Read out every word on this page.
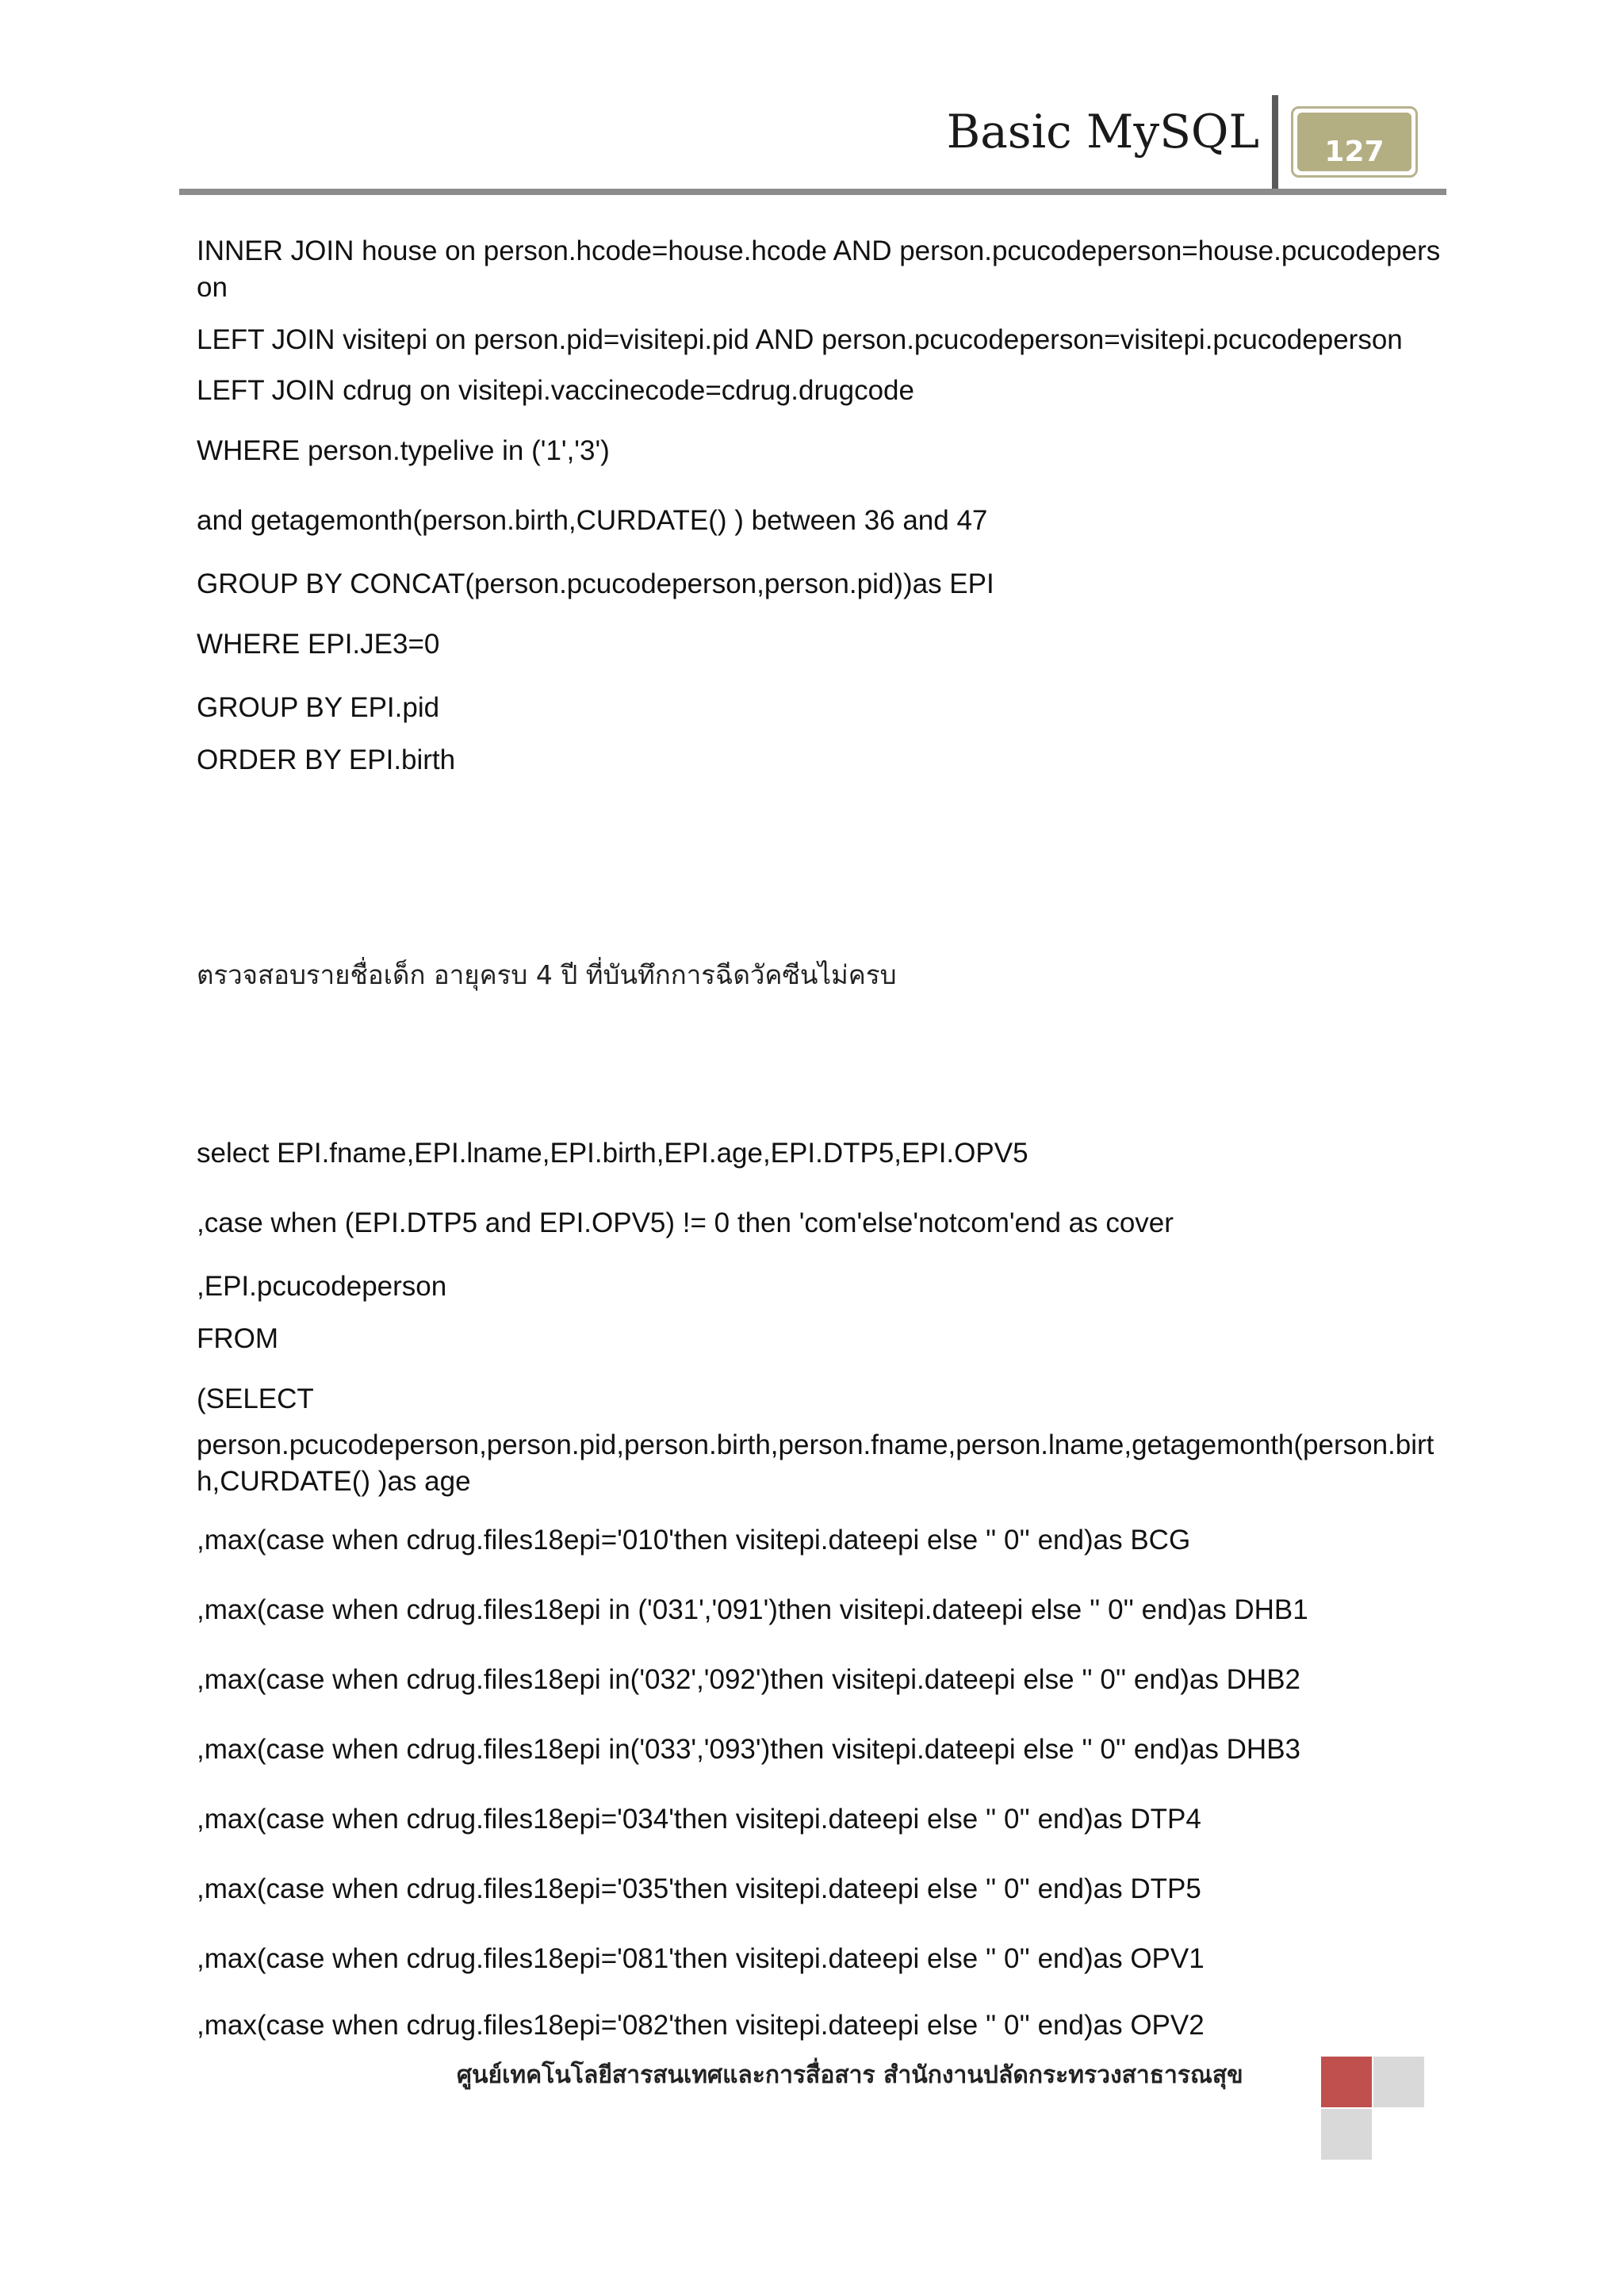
Basic MySQL	127
INNER JOIN house on person.hcode=house.hcode AND person.pcucodeperson=house.pcucodeperson
LEFT JOIN visitepi on person.pid=visitepi.pid AND person.pcucodeperson=visitepi.pcucodeperson
LEFT JOIN cdrug on visitepi.vaccinecode=cdrug.drugcode
WHERE person.typelive in ('1','3')
and getagemonth(person.birth,CURDATE() ) between 36 and 47
GROUP BY CONCAT(person.pcucodeperson,person.pid))as EPI
WHERE EPI.JE3=0
GROUP BY EPI.pid
ORDER BY EPI.birth
ตรวจสอบรายชื่อเด็ก อายุครบ 4 ปี ที่บันทึกการฉีดวัคซีนไม่ครบ
select EPI.fname,EPI.lname,EPI.birth,EPI.age,EPI.DTP5,EPI.OPV5
,case when (EPI.DTP5 and EPI.OPV5) != 0 then 'com'else'notcom'end as cover
,EPI.pcucodeperson
FROM
(SELECT
person.pcucodeperson,person.pid,person.birth,person.fname,person.lname,getagemonth(person.birth,CURDATE() )as age
,max(case when cdrug.files18epi='010'then visitepi.dateepi else '' 0'' end)as BCG
,max(case when cdrug.files18epi in ('031','091')then visitepi.dateepi else '' 0'' end)as DHB1
,max(case when cdrug.files18epi in('032','092')then visitepi.dateepi else '' 0'' end)as DHB2
,max(case when cdrug.files18epi in('033','093')then visitepi.dateepi else '' 0'' end)as DHB3
,max(case when cdrug.files18epi='034'then visitepi.dateepi else '' 0'' end)as DTP4
,max(case when cdrug.files18epi='035'then visitepi.dateepi else '' 0'' end)as DTP5
,max(case when cdrug.files18epi='081'then visitepi.dateepi else '' 0'' end)as OPV1
,max(case when cdrug.files18epi='082'then visitepi.dateepi else '' 0'' end)as OPV2
ศูนย์เทคโนโลยีสารสนเทศและการสื่อสาร สำนักงานปลัดกระทรวงสาธารณสุข
